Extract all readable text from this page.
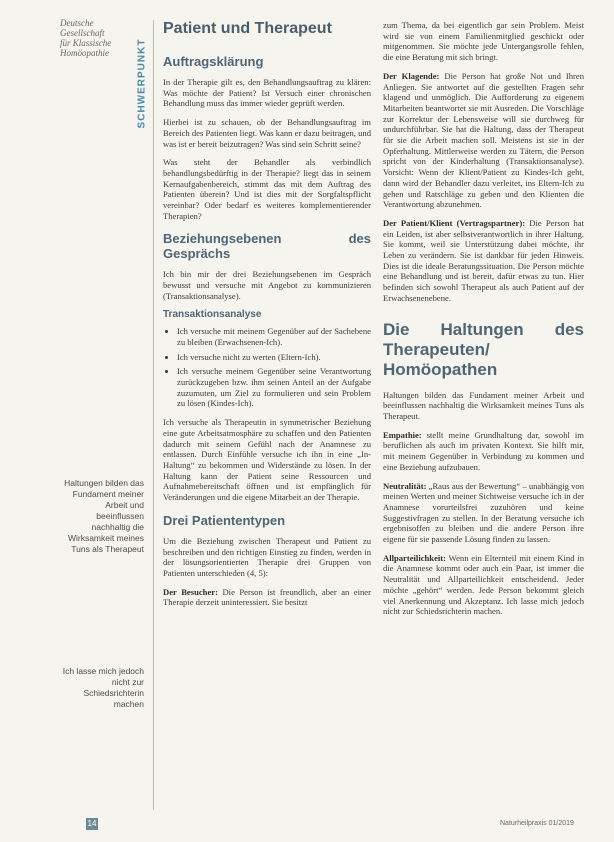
Deutsche
Gesellschaft
für Klassische
Homöopathie	SCHWERPUNKT
Haltungen bilden das Fundament meiner Arbeit und beeinflussen nachhaltig die Wirksamkeit meines Tuns als Therapeut
Ich lasse mich jedoch nicht zur Schiedsrichterin machen
Patient und Therapeut
Auftragsklärung

In der Therapie gilt es, den Behandlungsauftrag zu klären: Was möchte der Patient? Ist Versuch einer chronischen Behandlung muss das immer wieder geprüft werden.

Hierbei ist zu schauen, ob der Behandlungsauftrag im Bereich des Patienten liegt. Was kann er dazu beitragen, und was ist er bereit beizutragen? Was sind sein Schritt seine?

Was steht der Behandler als verbindlich behandlungsbedürftig in der Therapie? liegt das in seinem Kernaufgabenbereich, stimmt das mit dem Auftrag des Patienten überein? Und ist dies mit der Sorgfaltspflicht vereinbar? Oder bedarf es weiteres komplementierender Therapien?

Beziehungsebenen des Gesprächs

Ich bin mir der drei Beziehungsebenen im Gespräch bewusst und versuche mit Angebot zu kommunizieren (Transaktionsanalyse).

Transaktionsanalyse
• Ich versuche mit meinem Gegenüber auf der Sachebene zu bleiben (Erwachsenen-Ich).
• Ich versuche nicht zu werten (Eltern-Ich).
• Ich versuche meinem Gegenüber seine Verantwortung zurückzugeben bzw. ihm seinen Anteil an der Aufgabe zuzumuten, um Ziel zu formulieren und sein Problem zu lösen (Kindes-Ich).

Ich versuche als Therapeutin in symmetrischer Beziehung eine gute Arbeitsatmosphäre zu schaffen und den Patienten dadurch mit seinem Gefühl nach der Anamnese zu entlassen. Durch Einfühle versuche ich ihn in eine „In-Haltung“ zu bekommen und Widerstände zu lösen. In der Haltung kann der Patient seine Ressourcen und Aufnahmebereitschaft öffnen und ist empfänglich für Veränderungen und die eigene Mitarbeit an der Therapie.

Drei Patiententypen

Um die Beziehung zwischen Therapeut und Patient zu beschreiben und den richtigen Einstieg zu finden, werden in der lösungsorientierten Therapie drei Gruppen von Patienten unterschieden (4, 5):

Der Besucher: Die Person ist freundlich, aber an einer Therapie derzeit uninteressiert. Sie besitzt

zum Thema, da bei eigentlich gar sein Problem. Meist wird sie von einem Familienmitglied geschickt oder mitgenommen. Sie möchte jede Untergangsrolle fehlen, die eine Beratung mit sich bringt.

Der Klagende: Die Person hat große Not und Ihren Anliegen. Sie antwortet auf die gestellten Fragen sehr klagend und unmöglich. Die Aufforderung zu eigenem Mitarbeiten beantwortet sie mit Ausreden. Die Vorschläge zur Korrektur der Lebensweise will sie durchweg für undurchführbar. Sie hat die Haltung, dass der Therapeut für sie die Arbeit machen soll. Meistens ist sie in der Opferhaltung. Mittlerweise werden zu Tätern, die Person spricht von der Kinderhaltung (Transaktionsanalyse). Vorsicht: Wenn der Klient/Patient zu Kindes-Ich geht, dann wird der Behandler dazu verleitet, ins Eltern-Ich zu gehen und Ratschläge zu geben und den Klienten die Verantwortung abzunehmen.

Der Patient/Klient (Vertragspartner): Die Person hat ein Leiden, ist aber selbstverantwortlich in ihrer Haltung. Sie kommt, weil sie Unterstützung dabei möchte, ihr Leben zu verändern. Sie ist dankbar für jeden Hinweis. Dies ist die ideale Beratungssituation. Die Person möchte eine Behandlung und ist bereit, dafür etwas zu tun. Hier befinden sich sowohl Therapeut als auch Patient auf der Erwachsenenebene.

Die Haltungen des Therapeuten/ Homöopathen

Haltungen bilden das Fundament meiner Arbeit und beeinflussen nachhaltig die Wirksamkeit meines Tuns als Therapeut.

Empathie: stellt meine Grundhaltung dar, sowohl im beruflichen als auch im privaten Kontext. Sie hilft mir, mit meinem Gegenüber in Verbindung zu kommen und eine Beziehung aufzubauen.

Neutralität: „Raus aus der Bewertung“ – unabhängig von meinen Werten und meiner Sichtweise versuche ich in der Anamnese vorurteilsfrei zuzuhören und keine Suggestivfragen zu stellen. In der Beratung versuche ich ergebnisoffen zu bleiben und die andere Person ihre eigene für sie passende Lösung finden zu lassen.

Allparteilichkeit: Wenn ein Elternteil mit einem Kind in die Anamnese kommt oder auch ein Paar, ist immer die Neutralität und Allparteilichkeit entscheidend. Jeder möchte „gehört“ werden. Jede Person bekommt gleich viel Anerkennung und Akzeptanz. Ich lasse mich jedoch nicht zur Schiedsrichterin machen.

14	Naturheilpraxis 01/2019
